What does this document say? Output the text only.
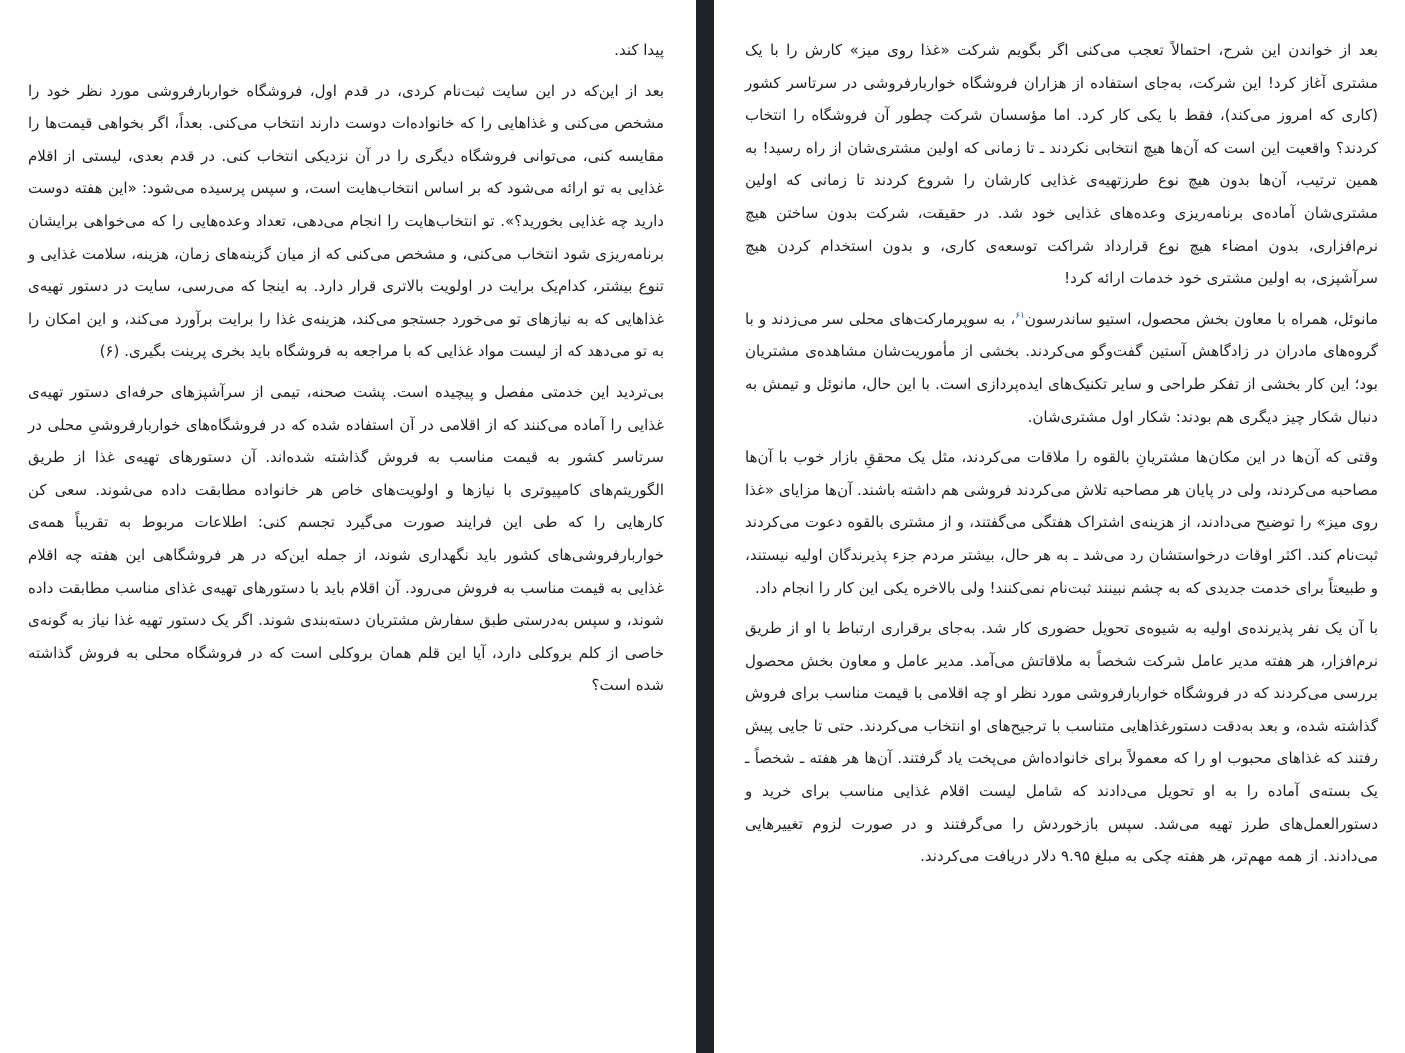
پیدا کند.

بعد از این‌که در این سایت ثبت‌نام کردی، در قدم اول، فروشگاه خواربارفروشی مورد نظر خود را مشخص می‌کنی و غذاهایی را که خانواده‌ات دوست دارند انتخاب می‌کنی. بعداً، اگر بخواهی قیمت‌ها را مقایسه کنی، می‌توانی فروشگاه دیگری را در آن نزدیکی انتخاب کنی. در قدم بعدی، لیستی از اقلام غذایی به تو ارائه می‌شود که بر اساس انتخاب‌هایت است، و سپس پرسیده می‌شود: «این هفته دوست دارید چه غذایی بخورید؟». تو انتخاب‌هایت را انجام می‌دهی، تعداد وعده‌هایی را که می‌خواهی برایشان برنامه‌ریزی شود انتخاب می‌کنی، و مشخص می‌کنی که از میان گزینه‌های زمان، هزینه، سلامت غذایی و تنوع بیشتر، کدام‌یک برایت در اولویت بالاتری قرار دارد. به اینجا که می‌رسی، سایت در دستور تهیه‌ی غذاهایی که به نیازهای تو می‌خورد جستجو می‌کند، هزینه‌ی غذا را برایت برآورد می‌کند، و این امکان را به تو می‌دهد که از لیست مواد غذایی که با مراجعه به فروشگاه باید بخری پرینت بگیری. (۶)

بی‌تردید این خدمتی مفصل و پیچیده است. پشت صحنه، تیمی از سرآشپزهای حرفه‌ای دستور تهیه‌ی غذایی را آماده می‌کنند که از اقلامی در آن استفاده شده که در فروشگاه‌های خواربارفروشیِ محلی در سرتاسر کشور به قیمت مناسب به فروش گذاشته شده‌اند. آن دستورهای تهیه‌ی غذا از طریق الگوریتم‌های کامپیوتری با نیازها و اولویت‌های خاص هر خانواده مطابقت داده می‌شوند. سعی کن کارهایی را که طی این فرایند صورت می‌گیرد تجسم کنی: اطلاعات مربوط به تقریباً همه‌ی خواربارفروشی‌های کشور باید نگهداری شوند، از جمله این‌که در هر فروشگاهی این هفته چه اقلام غذایی به قیمت مناسب به فروش می‌رود. آن اقلام باید با دستورهای تهیه‌ی غذای مناسب مطابقت داده شوند، و سپس به‌درستی طبق سفارش مشتریان دسته‌بندی شوند. اگر یک دستور تهیه غذا نیاز به گونه‌ی خاصی از کلم بروکلی دارد، آیا این قلم همان بروکلی است که در فروشگاه محلی به فروش گذاشته شده است؟

بعد از خواندن این شرح، احتمالاً تعجب می‌کنی اگر بگویم شرکت «غذا روی میز» کارش را با یک مشتری آغاز کرد! این شرکت، به‌جای استفاده از هزاران فروشگاه خواربارفروشی در سرتاسر کشور (کاری که امروز می‌کند)، فقط با یکی کار کرد. اما مؤسسان شرکت چطور آن فروشگاه را انتخاب کردند؟ واقعیت این است که آن‌ها هیچ انتخابی نکردند ـ تا زمانی که اولین مشتری‌شان از راه رسید! به همین ترتیب، آن‌ها بدون هیچ نوع طرزتهیه‌ی غذایی کارشان را شروع کردند تا زمانی که اولین مشتری‌شان آماده‌ی برنامه‌ریزی وعده‌های غذایی خود شد. در حقیقت، شرکت بدون ساختن هیچ نرم‌افزاری، بدون امضاء هیچ نوع قرارداد شراکت توسعه‌ی کاری، و بدون استخدام کردن هیچ سرآشپزی، به اولین مشتری خود خدمات ارائه کرد!

مانوئل، همراه با معاون بخش محصول، استیو ساندرسون$^{۶۱}$، به سوپرمارکت‌های محلی سر می‌زدند و با گروه‌های مادران در زادگاهش آستین گفت‌وگو می‌کردند. بخشی از مأموریت‌شان مشاهده‌ی مشتریان بود؛ این کار بخشی از تفکر طراحی و سایر تکنیک‌های ایده‌پردازی است. با این حال، مانوئل و تیمش به دنبال شکار چیز دیگری هم بودند: شکار اول مشتری‌شان.

وقتی که آن‌ها در این مکان‌ها مشتریانِ بالقوه را ملاقات می‌کردند، مثل یک محققِ بازار خوب با آن‌ها مصاحبه می‌کردند، ولی در پایان هر مصاحبه تلاش می‌کردند فروشی هم داشته باشند. آن‌ها مزایای «غذا روی میز» را توضیح می‌دادند، از هزینه‌ی اشتراک هفتگی می‌گفتند، و از مشتری بالقوه دعوت می‌کردند ثبت‌نام کند. اکثر اوقات درخواستشان رد می‌شد ـ به هر حال، بیشتر مردم جزء پذیرندگان اولیه نیستند، و طبیعتاً برای خدمت جدیدی که به چشم نبینند ثبت‌نام نمی‌کنند! ولی بالاخره یکی این کار را انجام داد.

با آن یک نفر پذیرنده‌ی اولیه به شیوه‌ی تحویل حضوری کار شد. به‌جای برقراری ارتباط با او از طریق نرم‌افزار، هر هفته مدیر عامل شرکت شخصاً به ملاقاتش می‌آمد. مدیر عامل و معاون بخش محصول بررسی می‌کردند که در فروشگاه خواربارفروشی مورد نظر او چه اقلامی با قیمت مناسب برای فروش گذاشته شده، و بعد به‌دقت دستورغذاهایی متناسب با ترجیح‌های او انتخاب می‌کردند. حتی تا جایی پیش رفتند که غذاهای محبوب او را که معمولاً برای خانواده‌اش می‌پخت یاد گرفتند. آن‌ها هر هفته ـ شخصاً ـ یک بسته‌ی آماده را به او تحویل می‌دادند که شامل لیست اقلام غذایی مناسب برای خرید و دستورالعمل‌های طرز تهیه می‌شد. سپس بازخوردش را می‌گرفتند و در صورت لزوم تغییرهایی می‌دادند. از همه مهم‌تر، هر هفته چکی به مبلغ ۹.۹۵ دلار دریافت می‌کردند.
